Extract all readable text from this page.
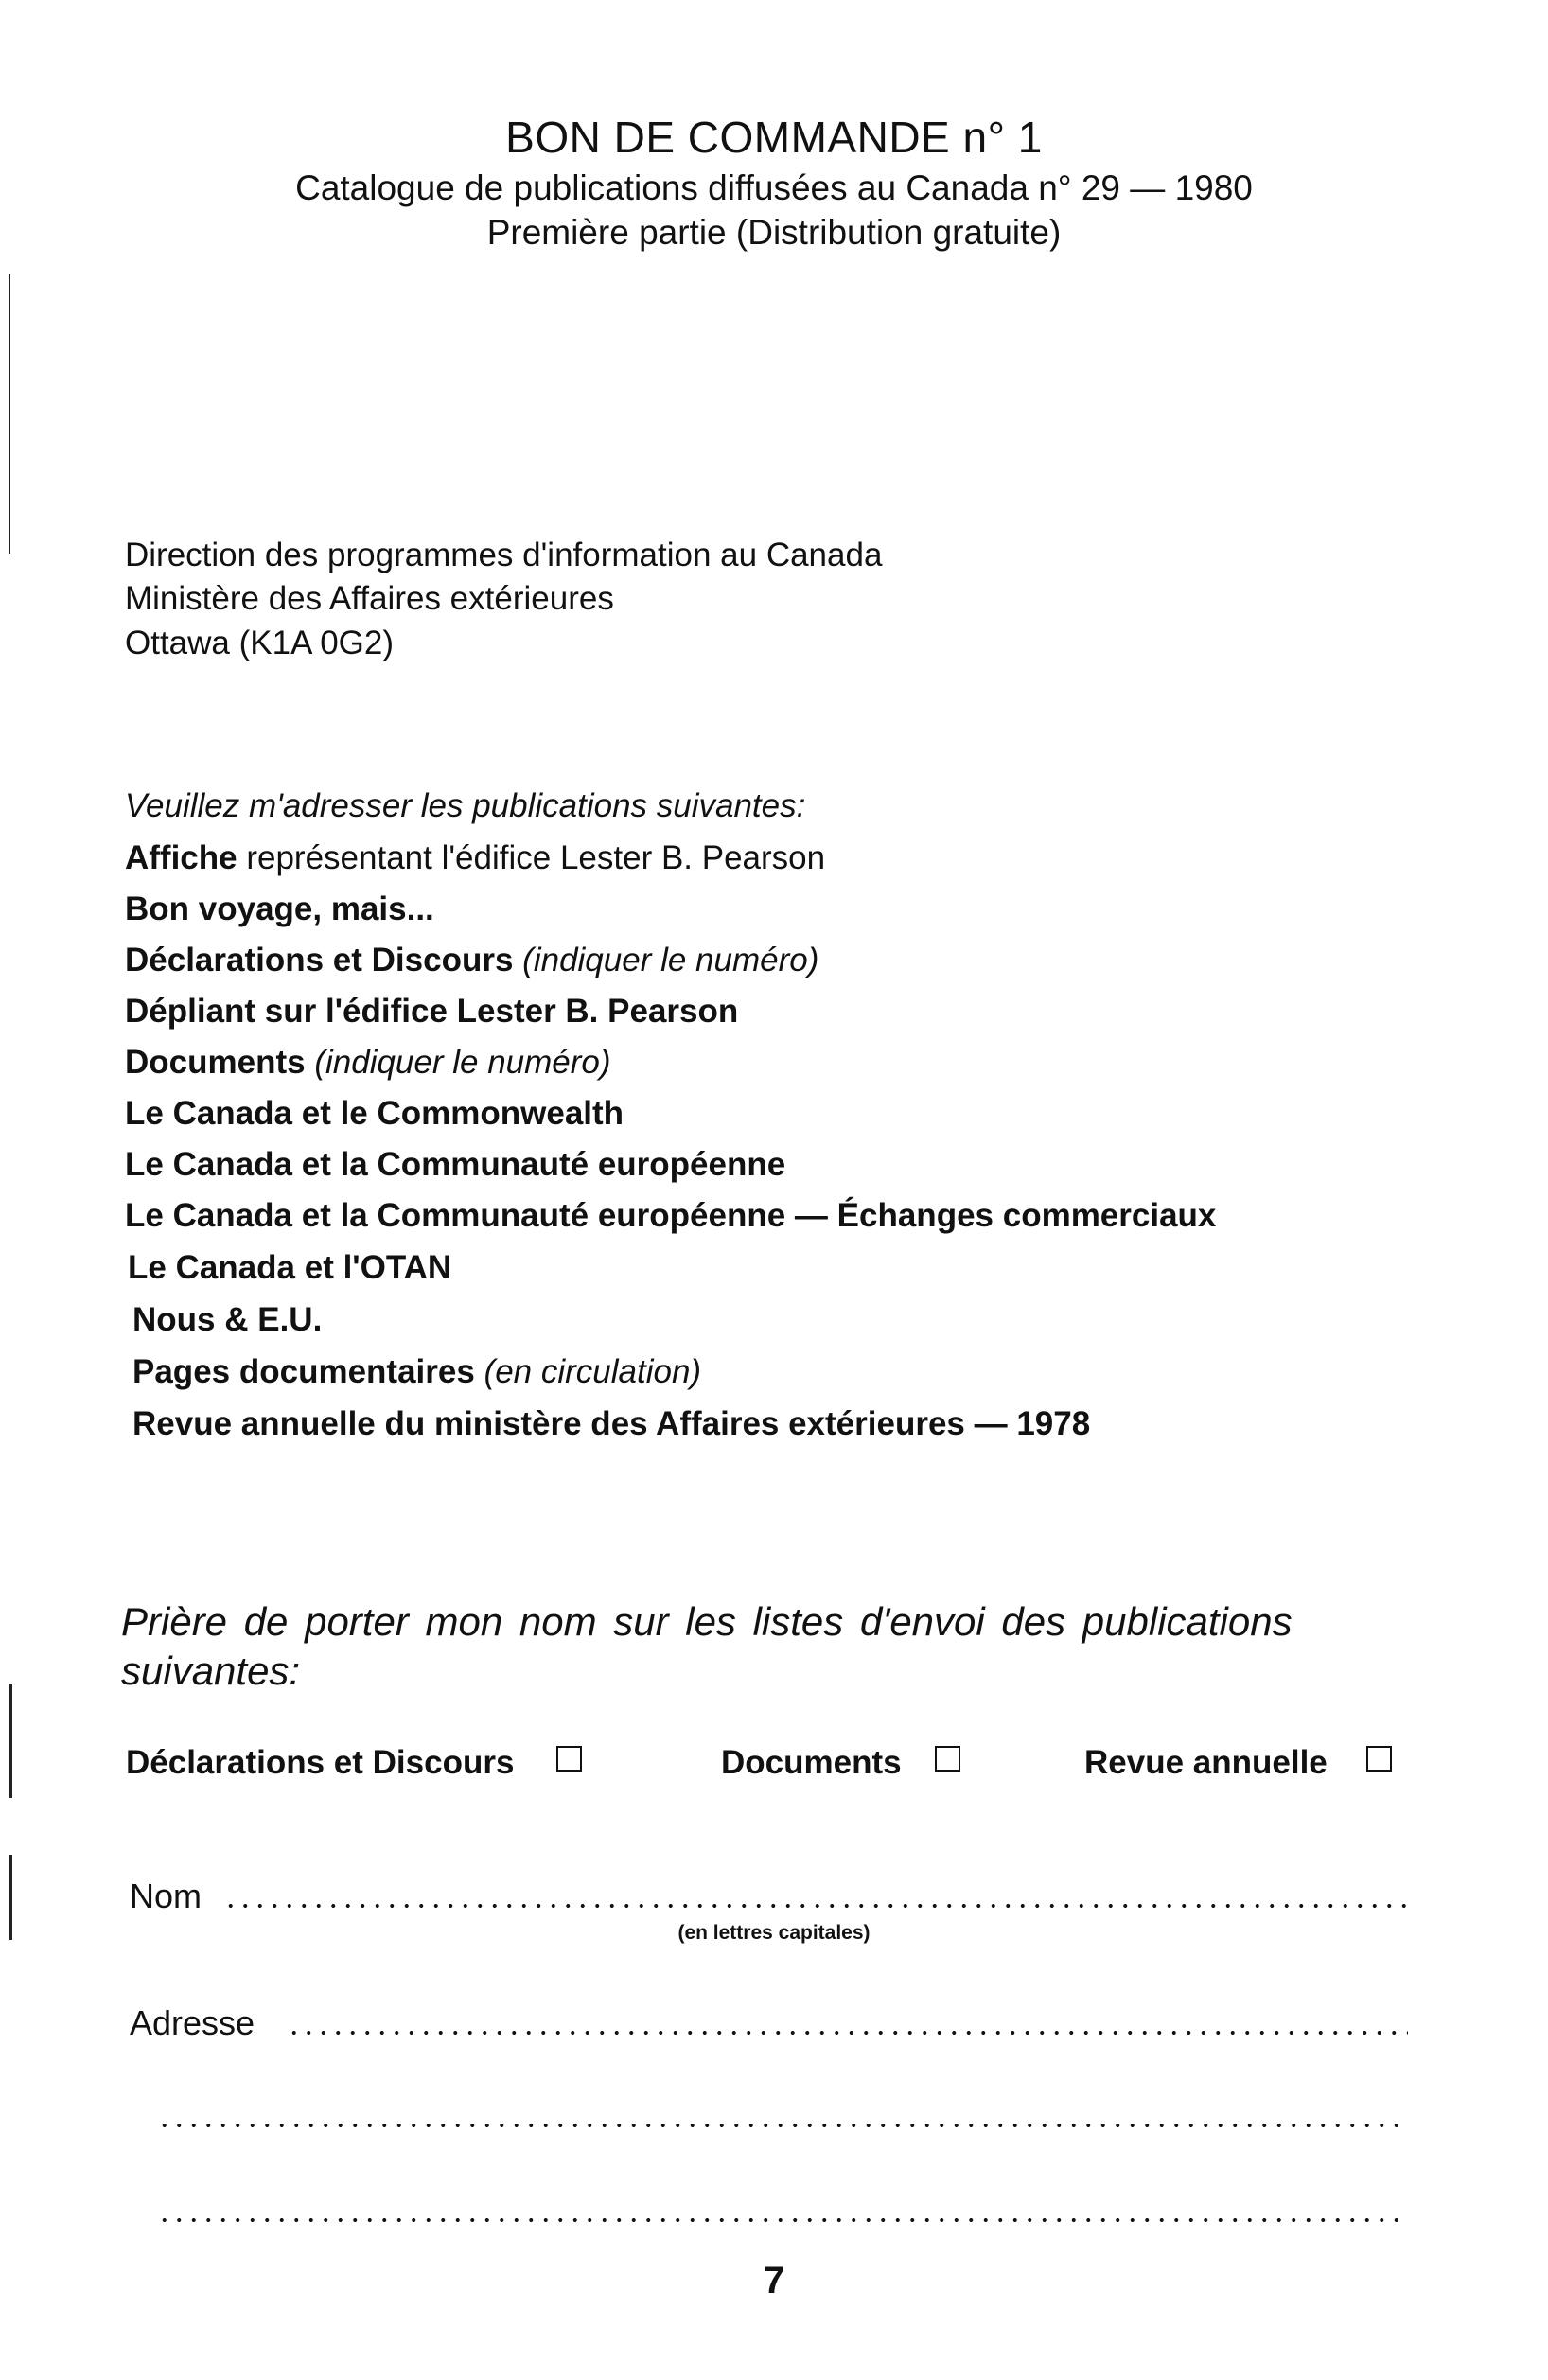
BON DE COMMANDE n° 1
Catalogue de publications diffusées au Canada n° 29 — 1980
Première partie (Distribution gratuite)
Direction des programmes d'information au Canada
Ministère des Affaires extérieures
Ottawa (K1A 0G2)
Veuillez m'adresser les publications suivantes:
Affiche représentant l'édifice Lester B. Pearson
Bon voyage, mais...
Déclarations et Discours (indiquer le numéro)
Dépliant sur l'édifice Lester B. Pearson
Documents (indiquer le numéro)
Le Canada et le Commonwealth
Le Canada et la Communauté européenne
Le Canada et la Communauté européenne — Échanges commerciaux
Le Canada et l'OTAN
Nous & E.U.
Pages documentaires (en circulation)
Revue annuelle du ministère des Affaires extérieures — 1978
Prière de porter mon nom sur les listes d'envoi des publications suivantes:
Déclarations et Discours	Documents	Revue annuelle
Nom
(en lettres capitales)
Adresse
7
